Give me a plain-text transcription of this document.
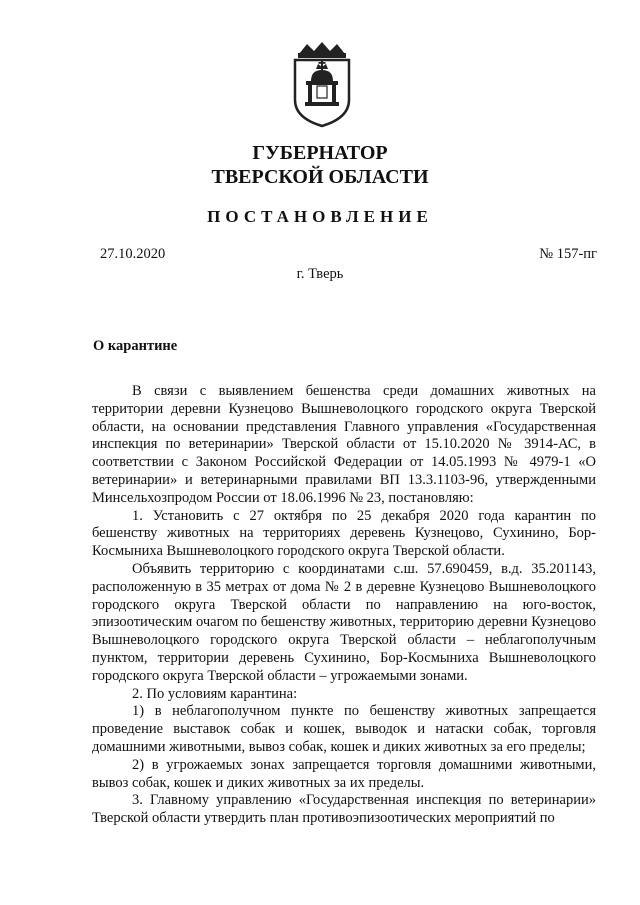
ГУБЕРНАТОР
ТВЕРСКОЙ ОБЛАСТИ
ПОСТАНОВЛЕНИЕ
27.10.2020	№ 157-пг
г. Тверь
О карантине

В связи с выявлением бешенства среди домашних животных на территории деревни Кузнецово Вышневолоцкого городского округа Тверской области, на основании представления Главного управления «Государственная инспекция по ветеринарии» Тверской области от 15.10.2020 № 3914-АС, в соответствии с Законом Российской Федерации от 14.05.1993 № 4979-1 «О ветеринарии» и ветеринарными правилами ВП 13.3.1103-96, утвержденными Минсельхозпродом России от 18.06.1996 № 23, постановляю:

1. Установить с 27 октября по 25 декабря 2020 года карантин по бешенству животных на территориях деревень Кузнецово, Сухинино, Бор-Космыниха Вышневолоцкого городского округа Тверской области.

Объявить территорию с координатами с.ш. 57.690459, в.д. 35.201143, расположенную в 35 метрах от дома № 2 в деревне Кузнецово Вышневолоцкого городского округа Тверской области по направлению на юго-восток, эпизоотическим очагом по бешенству животных, территорию деревни Кузнецово Вышневолоцкого городского округа Тверской области – неблагополучным пунктом, территории деревень Сухинино, Бор-Космыниха Вышневолоцкого городского округа Тверской области – угрожаемыми зонами.

2. По условиям карантина:

1) в неблагополучном пункте по бешенству животных запрещается проведение выставок собак и кошек, выводок и натаски собак, торговля домашними животными, вывоз собак, кошек и диких животных за его пределы;

2) в угрожаемых зонах запрещается торговля домашними животными, вывоз собак, кошек и диких животных за их пределы.

3. Главному управлению «Государственная инспекция по ветеринарии» Тверской области утвердить план противоэпизоотических мероприятий по
